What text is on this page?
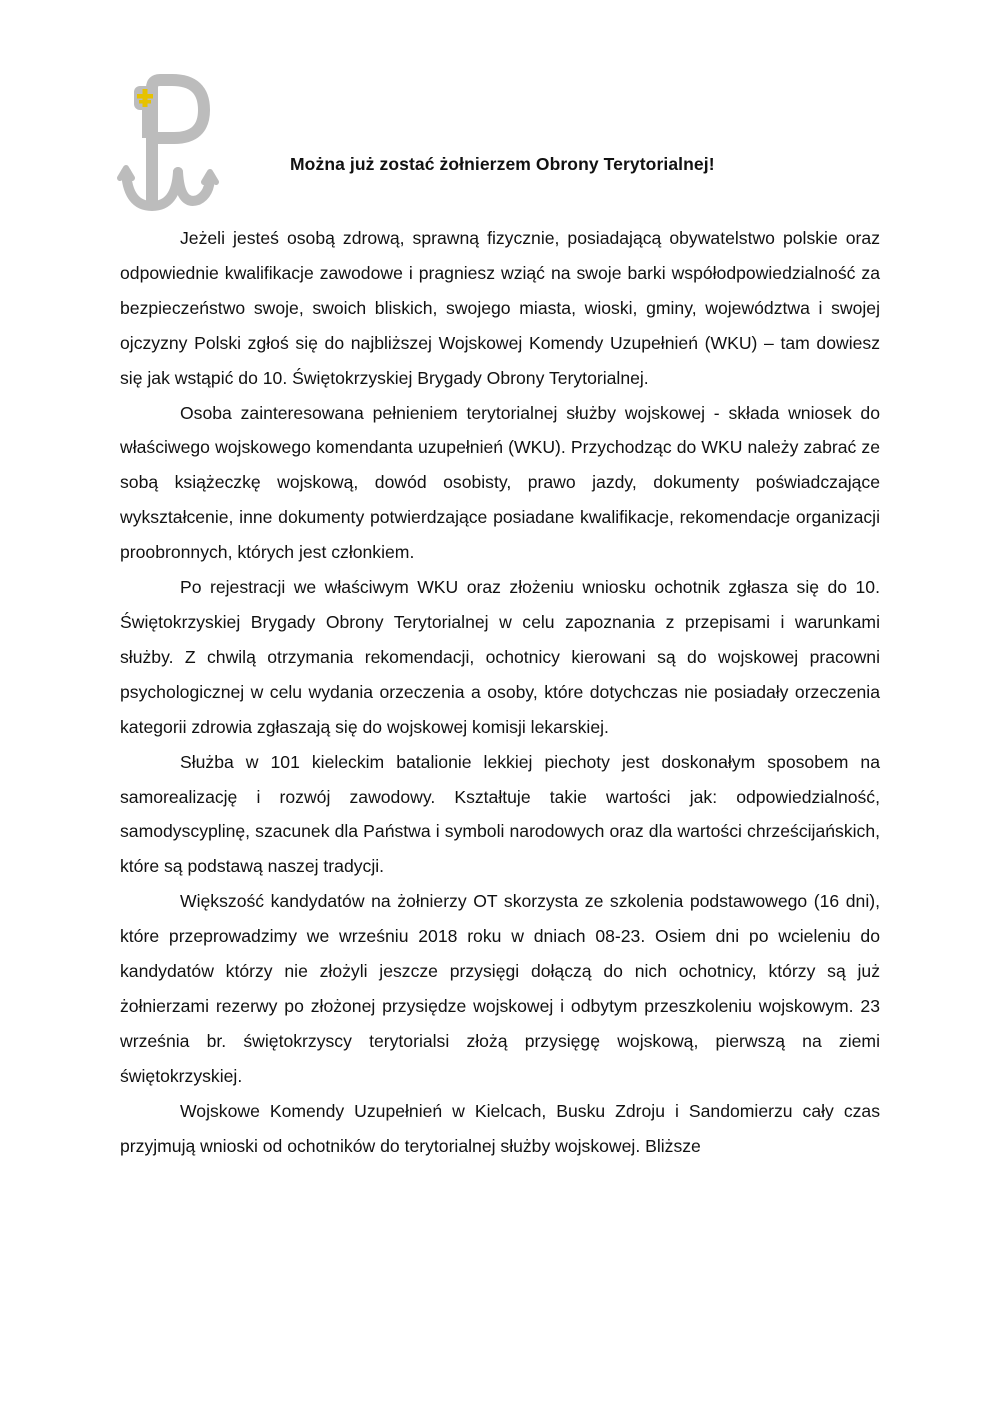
Można już zostać żołnierzem Obrony Terytorialnej!

Jeżeli jesteś osobą zdrową, sprawną fizycznie, posiadającą obywatelstwo polskie oraz odpowiednie kwalifikacje zawodowe i pragniesz wziąć na swoje barki współodpowiedzialność za bezpieczeństwo swoje, swoich bliskich, swojego miasta, wioski, gminy, województwa i swojej ojczyzny Polski zgłoś się do najbliższej Wojskowej Komendy Uzupełnień (WKU) – tam dowiesz się jak wstąpić do 10. Świętokrzyskiej Brygady Obrony Terytorialnej.

Osoba zainteresowana pełnieniem terytorialnej służby wojskowej - składa wniosek do właściwego wojskowego komendanta uzupełnień (WKU). Przychodząc do WKU należy zabrać ze sobą książeczkę wojskową, dowód osobisty, prawo jazdy, dokumenty poświadczające wykształcenie, inne dokumenty potwierdzające posiadane kwalifikacje, rekomendacje organizacji proobronnych, których jest członkiem.

Po rejestracji we właściwym WKU oraz złożeniu wniosku ochotnik zgłasza się do 10. Świętokrzyskiej Brygady Obrony Terytorialnej w celu zapoznania z przepisami i warunkami służby. Z chwilą otrzymania rekomendacji, ochotnicy kierowani są do wojskowej pracowni psychologicznej w celu wydania orzeczenia a osoby, które dotychczas nie posiadały orzeczenia kategorii zdrowia zgłaszają się do wojskowej komisji lekarskiej.

Służba w 101 kieleckim batalionie lekkiej piechoty jest doskonałym sposobem na samorealizację i rozwój zawodowy. Kształtuje takie wartości jak: odpowiedzialność, samodyscyplinę, szacunek dla Państwa i symboli narodowych oraz dla wartości chrześcijańskich, które są podstawą naszej tradycji.

Większość kandydatów na żołnierzy OT skorzysta ze szkolenia podstawowego (16 dni), które przeprowadzimy we wrześniu 2018 roku w dniach 08-23. Osiem dni po wcieleniu do kandydatów którzy nie złożyli jeszcze przysięgi dołączą do nich ochotnicy, którzy są już żołnierzami rezerwy po złożonej przysiędze wojskowej i odbytym przeszkoleniu wojskowym. 23 września br. świętokrzyscy terytorialsi złożą przysięgę wojskową, pierwszą na ziemi świętokrzyskiej.

Wojskowe Komendy Uzupełnień w Kielcach, Busku Zdroju i Sandomierzu cały czas przyjmują wnioski od ochotników do terytorialnej służby wojskowej. Bliższe
